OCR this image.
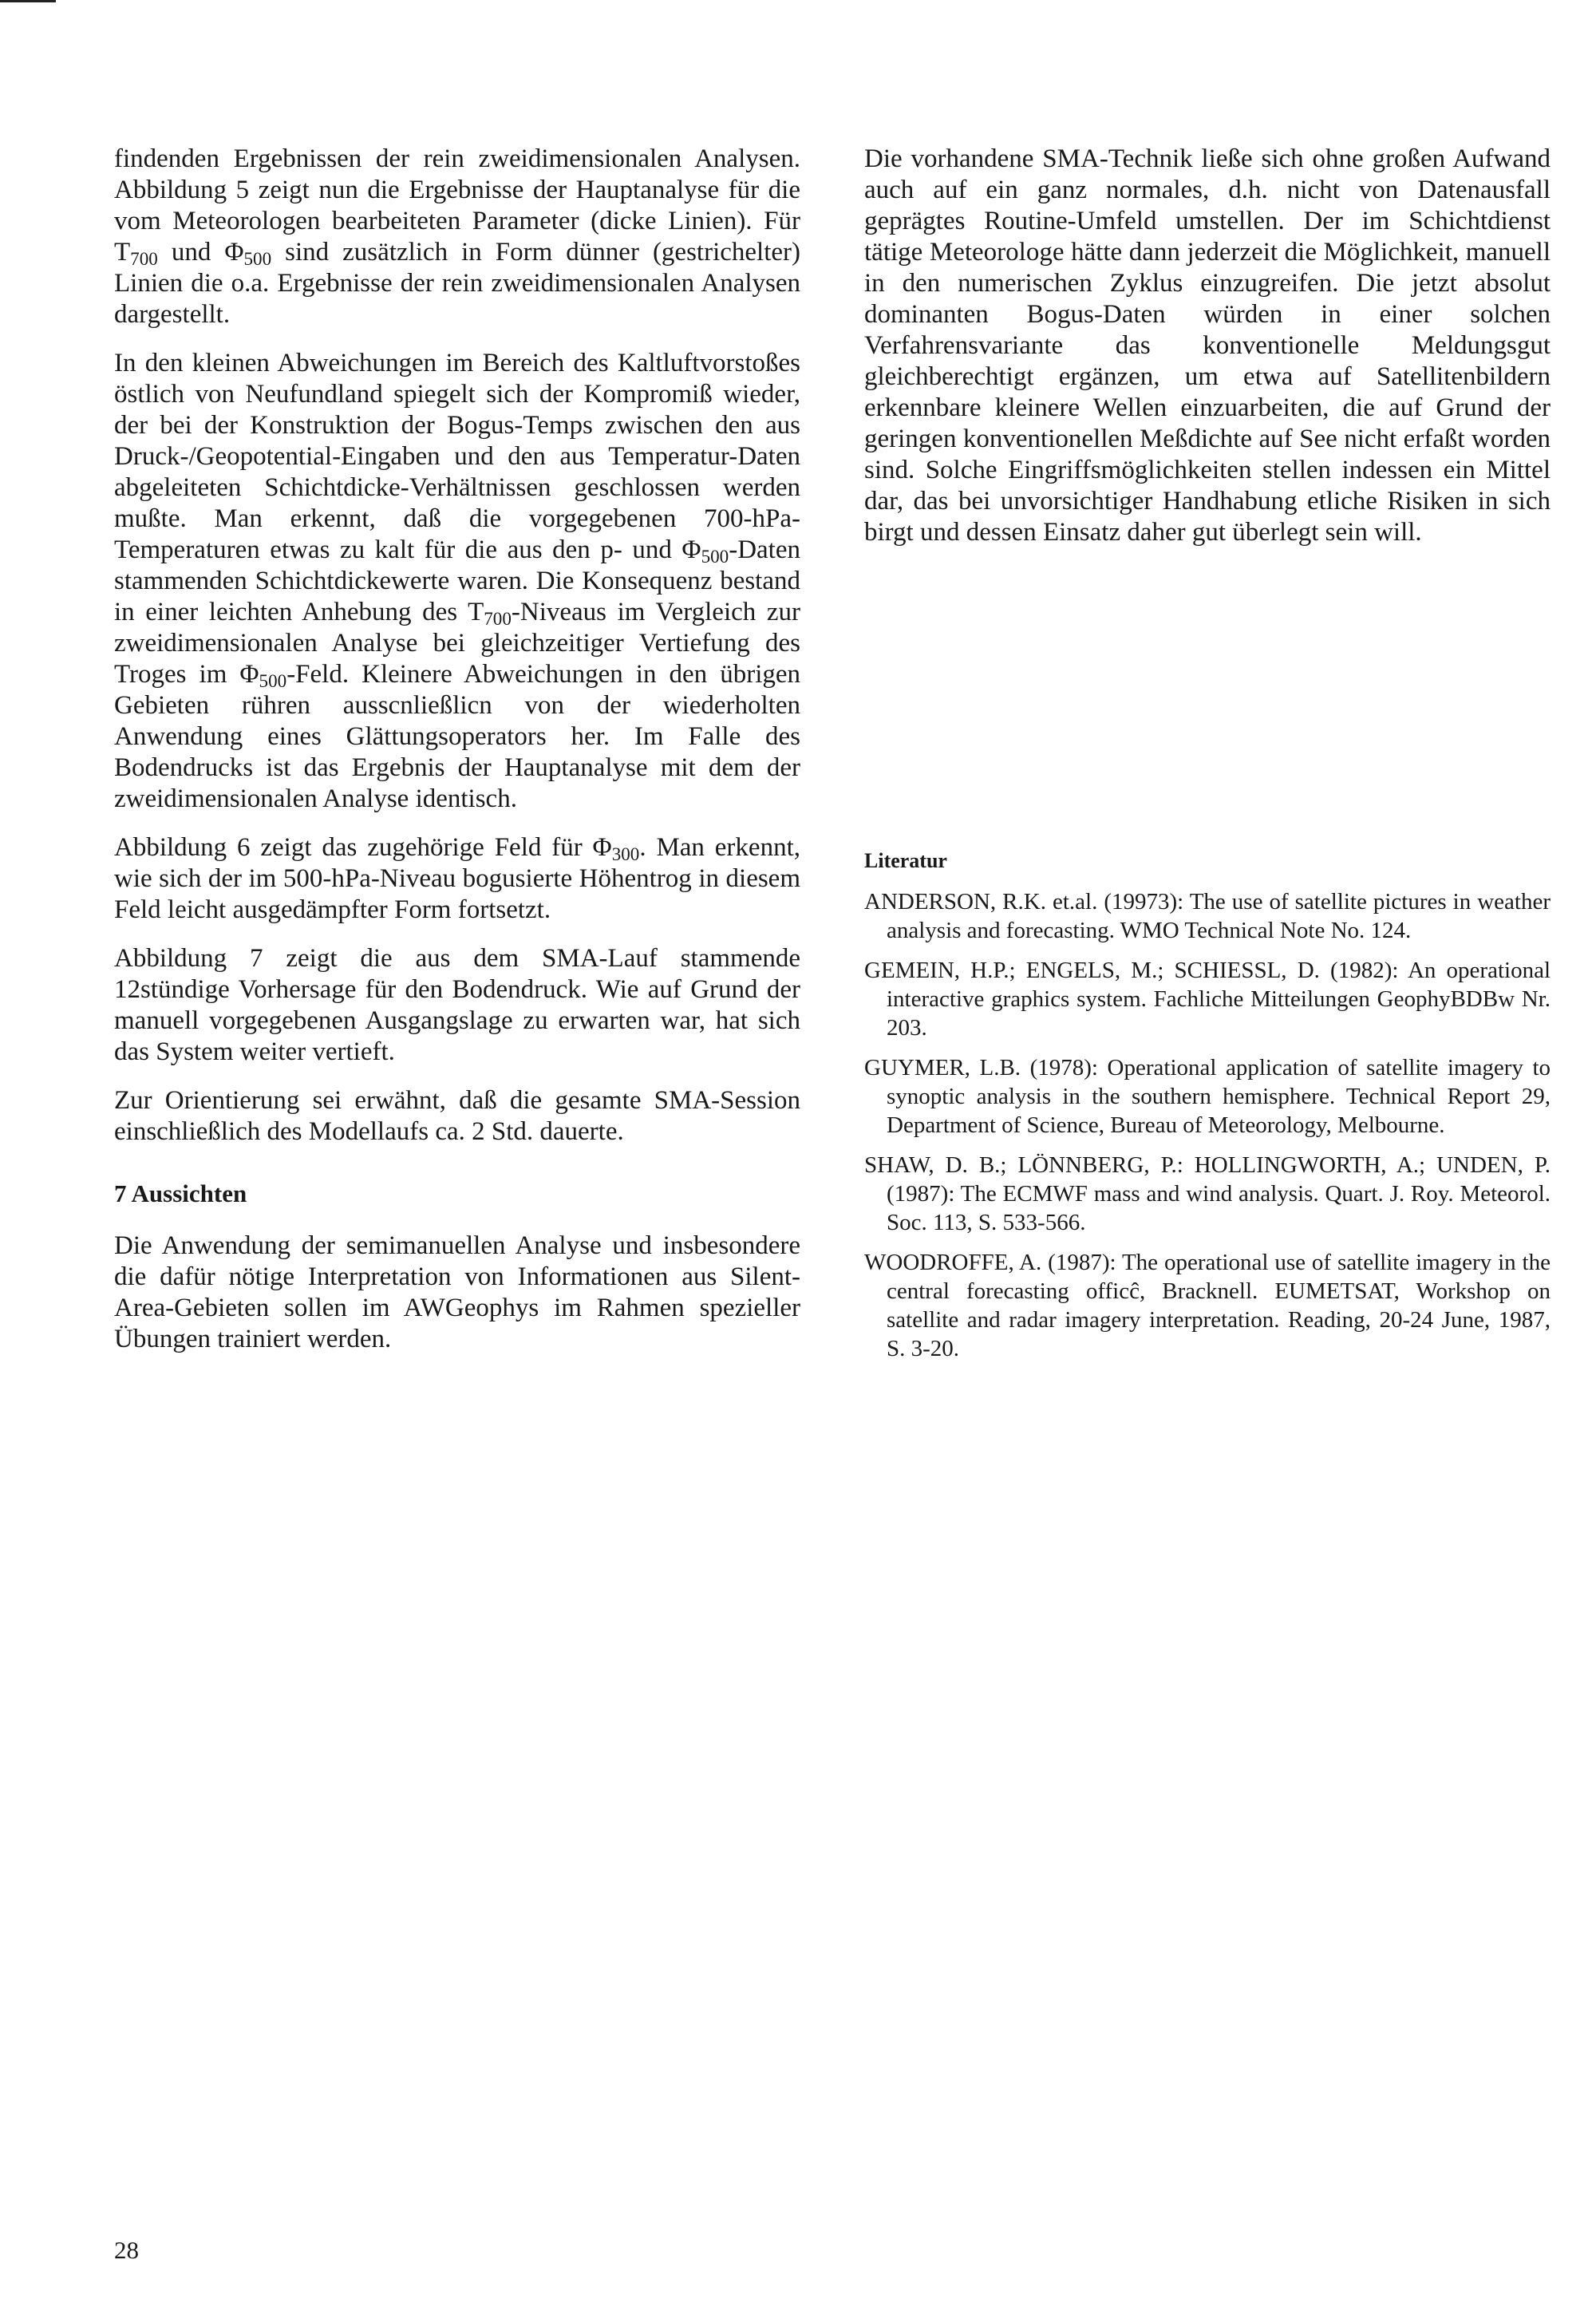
findenden Ergebnissen der rein zweidimensionalen Analysen. Abbildung 5 zeigt nun die Ergebnisse der Hauptanalyse für die vom Meteorologen bearbeiteten Parameter (dicke Linien). Für $T_{700}$ und $\Phi_{500}$ sind zusätzlich in Form dünner (gestrichelter) Linien die o.a. Ergebnisse der rein zweidimensionalen Analysen dargestellt.

In den kleinen Abweichungen im Bereich des Kaltluftvorstoßes östlich von Neufundland spiegelt sich der Kompromiß wieder, der bei der Konstruktion der Bogus-Temps zwischen den aus Druck-/Geopotential-Eingaben und den aus Temperatur-Daten abgeleiteten Schichtdicke-Verhältnissen geschlossen werden mußte. Man erkennt, daß die vorgegebenen 700-hPa-Temperaturen etwas zu kalt für die aus den p- und $\Phi_{500}$-Daten stammenden Schichtdickewerte waren. Die Konsequenz bestand in einer leichten Anhebung des $T_{700}$-Niveaus im Vergleich zur zweidimensionalen Analyse bei gleichzeitiger Vertiefung des Troges im $\Phi_{500}$-Feld. Kleinere Abweichungen in den übrigen Gebieten rühren ausscnließlicn von der wiederholten Anwendung eines Glättungsoperators her. Im Falle des Bodendrucks ist das Ergebnis der Hauptanalyse mit dem der zweidimensionalen Analyse identisch.

Abbildung 6 zeigt das zugehörige Feld für $\Phi_{300}$. Man erkennt, wie sich der im 500-hPa-Niveau bogusierte Höhentrog in diesem Feld leicht ausgedämpfter Form fortsetzt.

Abbildung 7 zeigt die aus dem SMA-Lauf stammende 12stündige Vorhersage für den Bodendruck. Wie auf Grund der manuell vorgegebenen Ausgangslage zu erwarten war, hat sich das System weiter vertieft.

Zur Orientierung sei erwähnt, daß die gesamte SMA-Session einschließlich des Modellaufs ca. 2 Std. dauerte.

7 Aussichten

Die Anwendung der semimanuellen Analyse und insbesondere die dafür nötige Interpretation von Informationen aus Silent-Area-Gebieten sollen im AWGeophys im Rahmen spezieller Übungen trainiert werden.

Die vorhandene SMA-Technik ließe sich ohne großen Aufwand auch auf ein ganz normales, d.h. nicht von Datenausfall geprägtes Routine-Umfeld umstellen. Der im Schichtdienst tätige Meteorologe hätte dann jederzeit die Möglichkeit, manuell in den numerischen Zyklus einzugreifen. Die jetzt absolut dominanten Bogus-Daten würden in einer solchen Verfahrensvariante das konventionelle Meldungsgut gleichberechtigt ergänzen, um etwa auf Satellitenbildern erkennbare kleinere Wellen einzuarbeiten, die auf Grund der geringen konventionellen Meßdichte auf See nicht erfaßt worden sind. Solche Eingriffsmöglichkeiten stellen indessen ein Mittel dar, das bei unvorsichtiger Handhabung etliche Risiken in sich birgt und dessen Einsatz daher gut überlegt sein will.

Literatur

ANDERSON, R.K. et.al. (19973): The use of satellite pictures in weather analysis and forecasting. WMO Technical Note No. 124.

GEMEIN, H.P.; ENGELS, M.; SCHIESSL, D. (1982): An operational interactive graphics system. Fachliche Mitteilungen GeophyBDBw Nr. 203.

GUYMER, L.B. (1978): Operational application of satellite imagery to synoptic analysis in the southern hemisphere. Technical Report 29, Department of Science, Bureau of Meteorology, Melbourne.

SHAW, D. B.; LÖNNBERG, P.: HOLLINGWORTH, A.; UNDEN, P. (1987): The ECMWF mass and wind analysis. Quart. J. Roy. Meteorol. Soc. 113, S. 533-566.

WOODROFFE, A. (1987): The operational use of satellite imagery in the central forecasting officĉ, Bracknell. EUMETSAT, Workshop on satellite and radar imagery interpretation. Reading, 20-24 June, 1987, S. 3-20.

28
